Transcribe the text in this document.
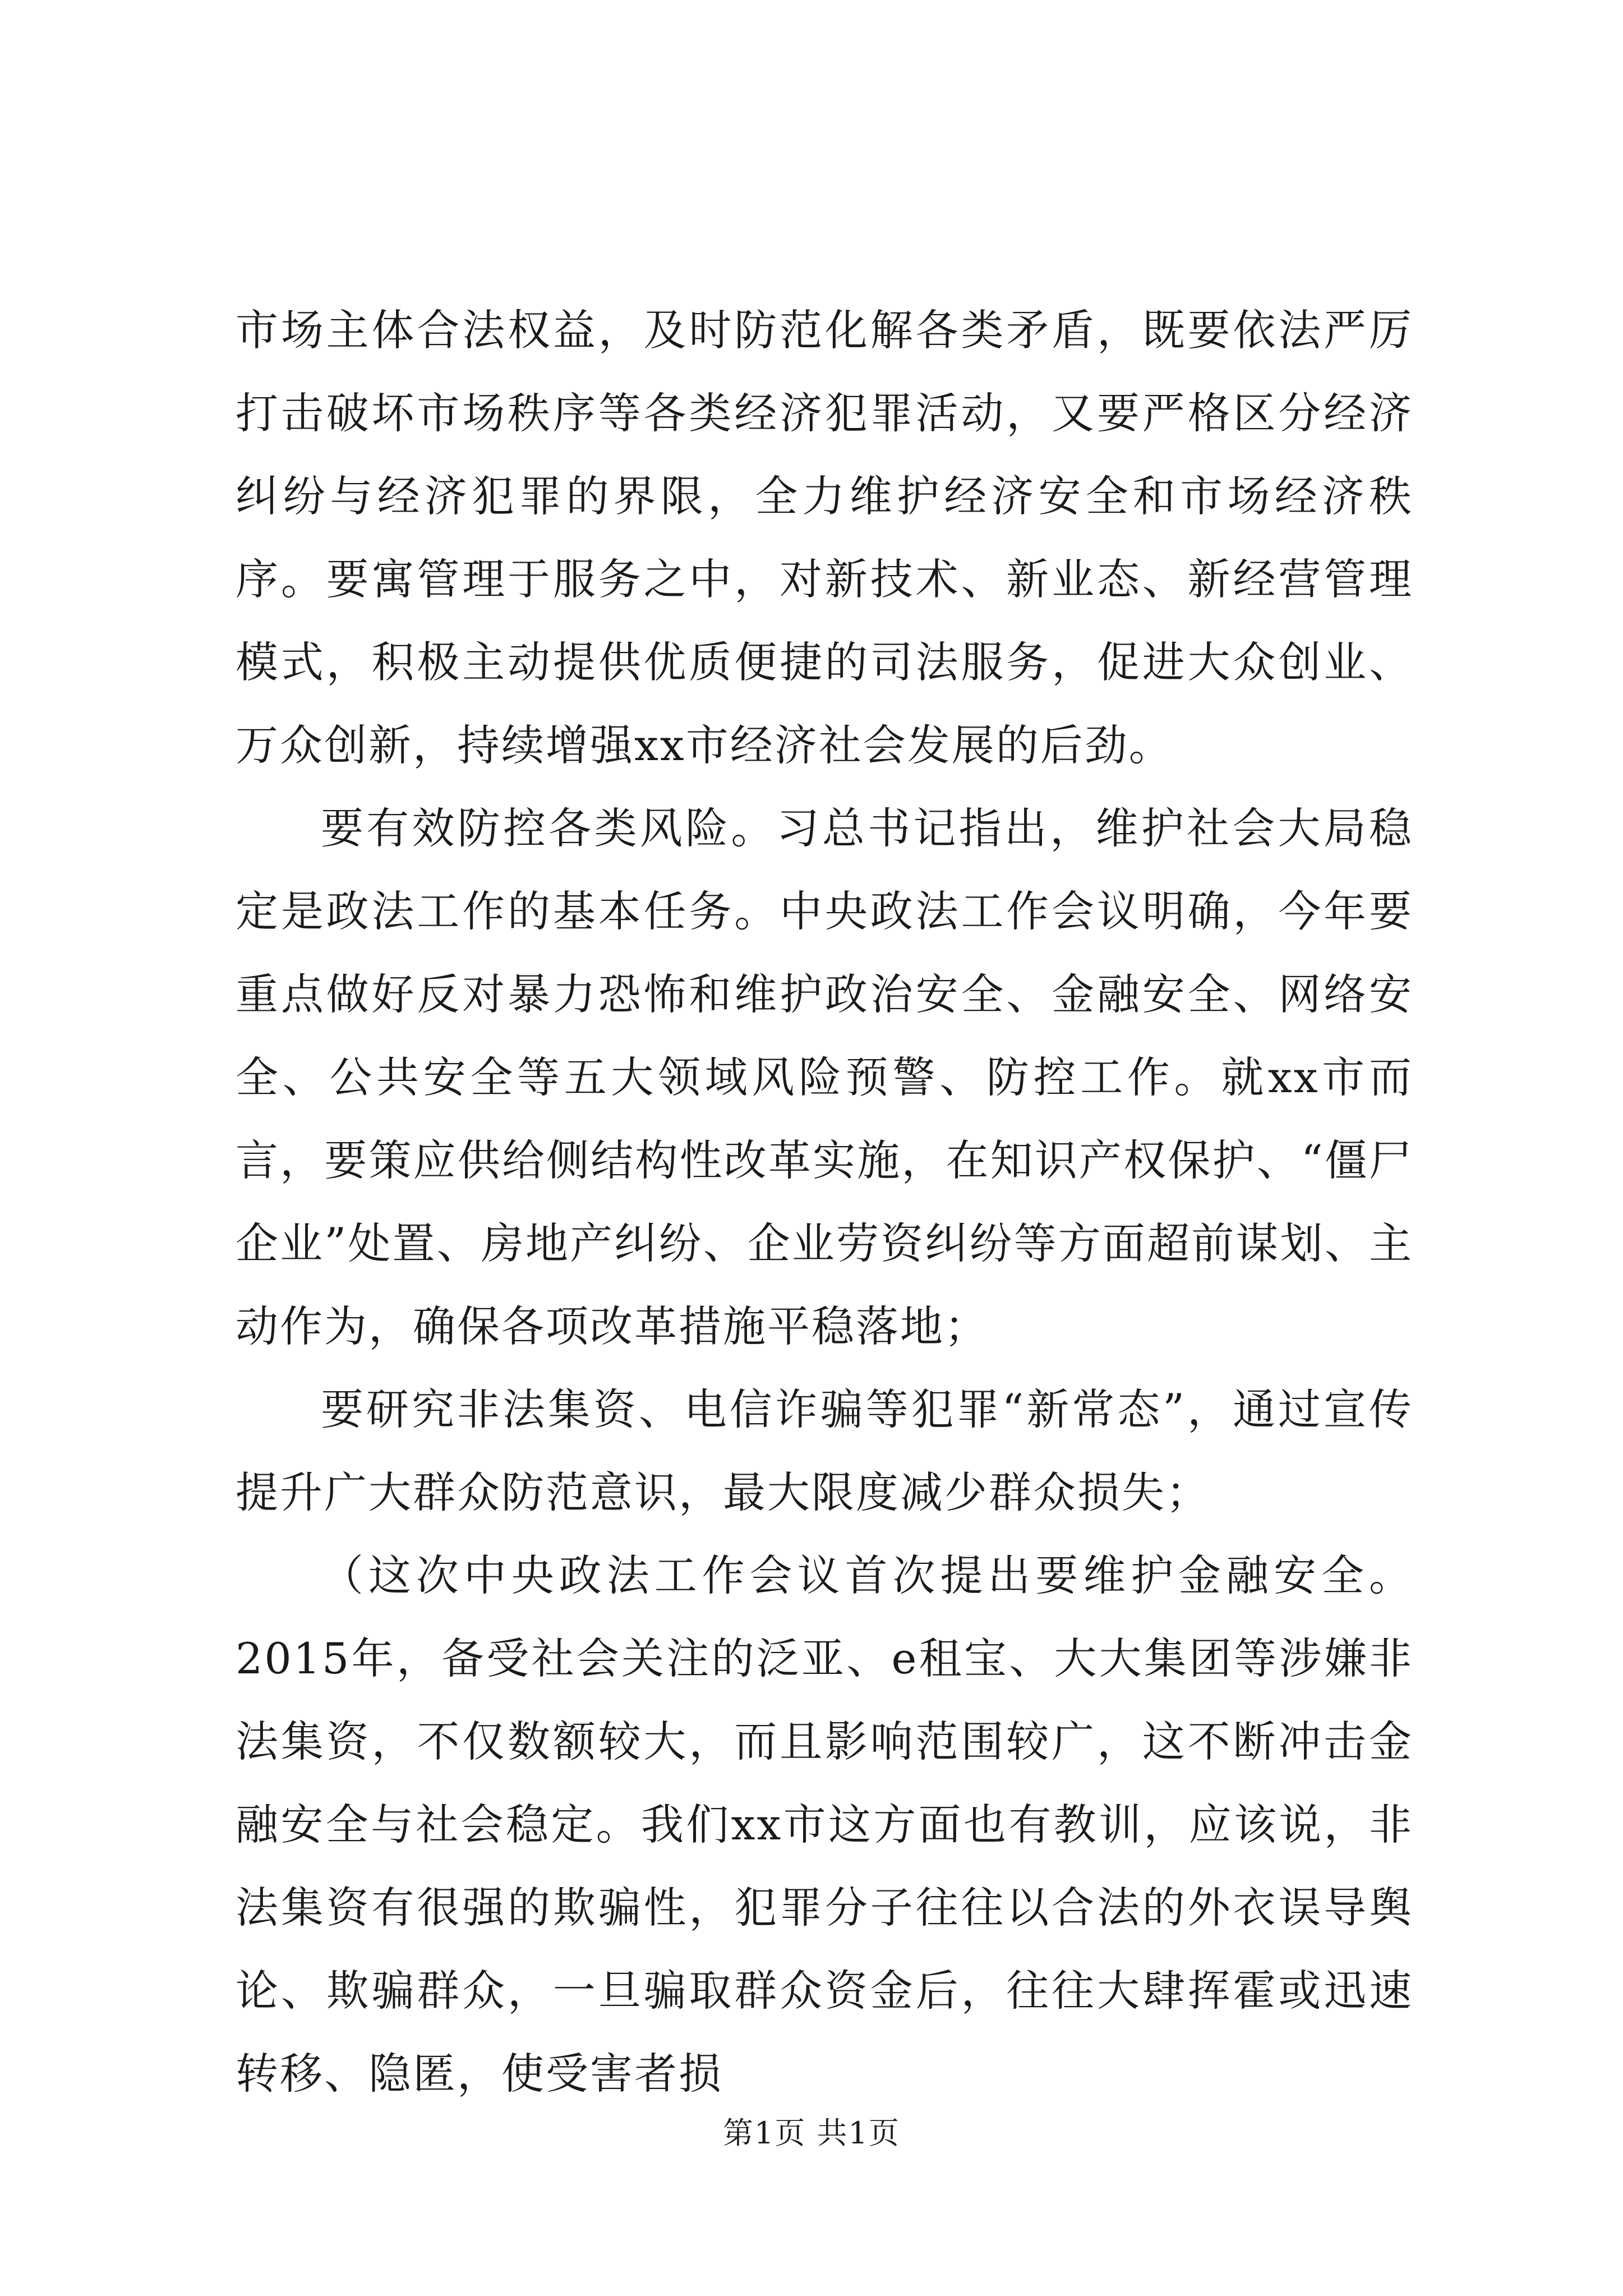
市场主体合法权益，及时防范化解各类矛盾，既要依法严厉打击破坏市场秩序等各类经济犯罪活动，又要严格区分经济纠纷与经济犯罪的界限，全力维护经济安全和市场经济秩序。要寓管理于服务之中，对新技术、新业态、新经营管理模式，积极主动提供优质便捷的司法服务，促进大众创业、万众创新，持续增强xx市经济社会发展的后劲。

要有效防控各类风险。习总书记指出，维护社会大局稳定是政法工作的基本任务。中央政法工作会议明确，今年要重点做好反对暴力恐怖和维护政治安全、金融安全、网络安全、公共安全等五大领域风险预警、防控工作。就xx市而言，要策应供给侧结构性改革实施，在知识产权保护、“僵尸企业”处置、房地产纠纷、企业劳资纠纷等方面超前谋划、主动作为，确保各项改革措施平稳落地；

要研究非法集资、电信诈骗等犯罪“新常态”，通过宣传提升广大群众防范意识，最大限度减少群众损失；

（这次中央政法工作会议首次提出要维护金融安全。2015年，备受社会关注的泛亚、e租宝、大大集团等涉嫌非法集资，不仅数额较大，而且影响范围较广，这不断冲击金融安全与社会稳定。我们xx市这方面也有教训，应该说，非法集资有很强的欺骗性，犯罪分子往往以合法的外衣误导舆论、欺骗群众，一旦骗取群众资金后，往往大肆挥霍或迅速转移、隐匿，使受害者损

第1页 共1页
